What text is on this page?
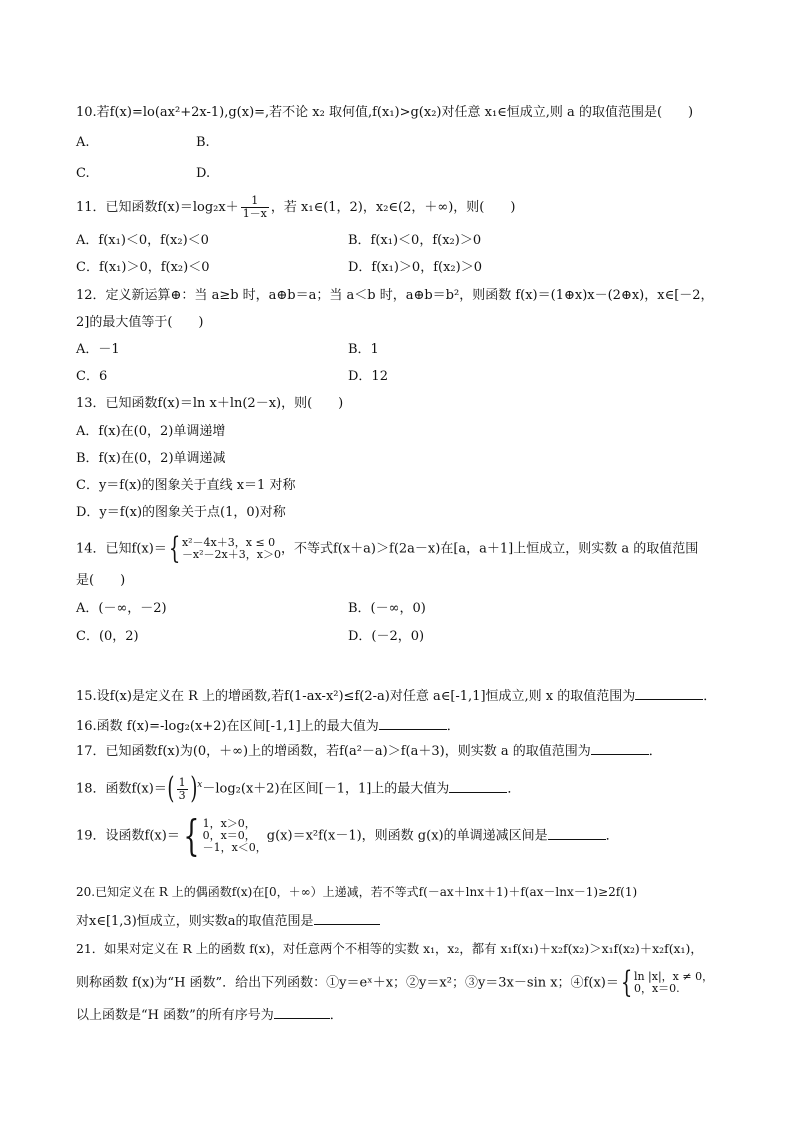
10.若f(x)=lo(ax²+2x-1),g(x)=,若不论 x₂ 取何值,f(x₁)>g(x₂)对任意 x₁∈恒成立,则 a 的取值范围是(　　)
A.	B.
C.	D.
11．已知函数$f(x)=\log_2x+ \frac{1}{1-x}$ ，若 x₁∈(1，2)，x₂∈(2，＋∞)，则(　　)
A．f(x₁)＜0，f(x₂)＜0	B．f(x₁)＜0，f(x₂)＞0
C．f(x₁)＞0，f(x₂)＜0	D．f(x₁)＞0，f(x₂)＞0
12．定义新运算⊕：当 a≥b 时，a⊕b＝a；当 a＜b 时，a⊕b＝b²，则函数 f(x)＝(1⊕x)x－(2⊕x)，x∈[－2，
2]的最大值等于(　　)
A．－1	B．1
C．6	D．12
13．已知函数f(x)＝ln x＋ln(2－x)，则(　　)
A．f(x)在(0，2)单调递增
B．f(x)在(0，2)单调递减
C．y＝f(x)的图象关于直线 x＝1 对称
D．y＝f(x)的图象关于点(1，0)对称
14．已知f(x)＝{ x²－4x＋3，x ≤ 0
－x²－2x＋3，x＞0 ，不等式f(x＋a)＞f(2a－x)在[a，a＋1]上恒成立，则实数 a 的取值范围
是(　　)
A．(－∞，－2)	B．(－∞，0)
C．(0，2)	D．(－2，0)
15.设f(x)是定义在 R 上的增函数,若f(1-ax-x²)≤f(2-a)对任意 a∈[-1,1]恒成立,则 x 的取值范围为	．
16.函数 f(x)=-log₂(x+2)在区间[-1,1]上的最大值为	．
17．已知函数f(x)为(0，＋∞)上的增函数，若f(a²－a)＞f(a＋3)，则实数 a 的取值范围为	．
18．函数$f(x)=( \frac{1}{3} )^x-\log_2(x+2)$在区间[－1，1]上的最大值为	．
19．设函数f(x)＝{ 1，x＞0，
0，x＝0，
－1，x＜0，
g(x)＝x²f(x－1)，则函数 g(x)的单调递减区间是	．
20.已知定义在 R 上的偶函数f(x)在[0，＋∞）上递减，若不等式f(－ax＋lnx＋1)＋f(ax－lnx－1)≥2f(1)
对x∈[1,3)恒成立，则实数a的取值范围是
21．如果对定义在 R 上的函数 f(x)，对任意两个不相等的实数 x₁，x₂，都有 x₁f(x₁)＋x₂f(x₂)＞x₁f(x₂)＋x₂f(x₁)，
则称函数 f(x)为“H 函数”．给出下列函数：①y＝eˣ＋x；②y＝x²；③y＝3x－sin x；④f(x)＝{ ln |x|，x ≠ 0，
0，x＝0.
以上函数是“H 函数”的所有序号为	．
